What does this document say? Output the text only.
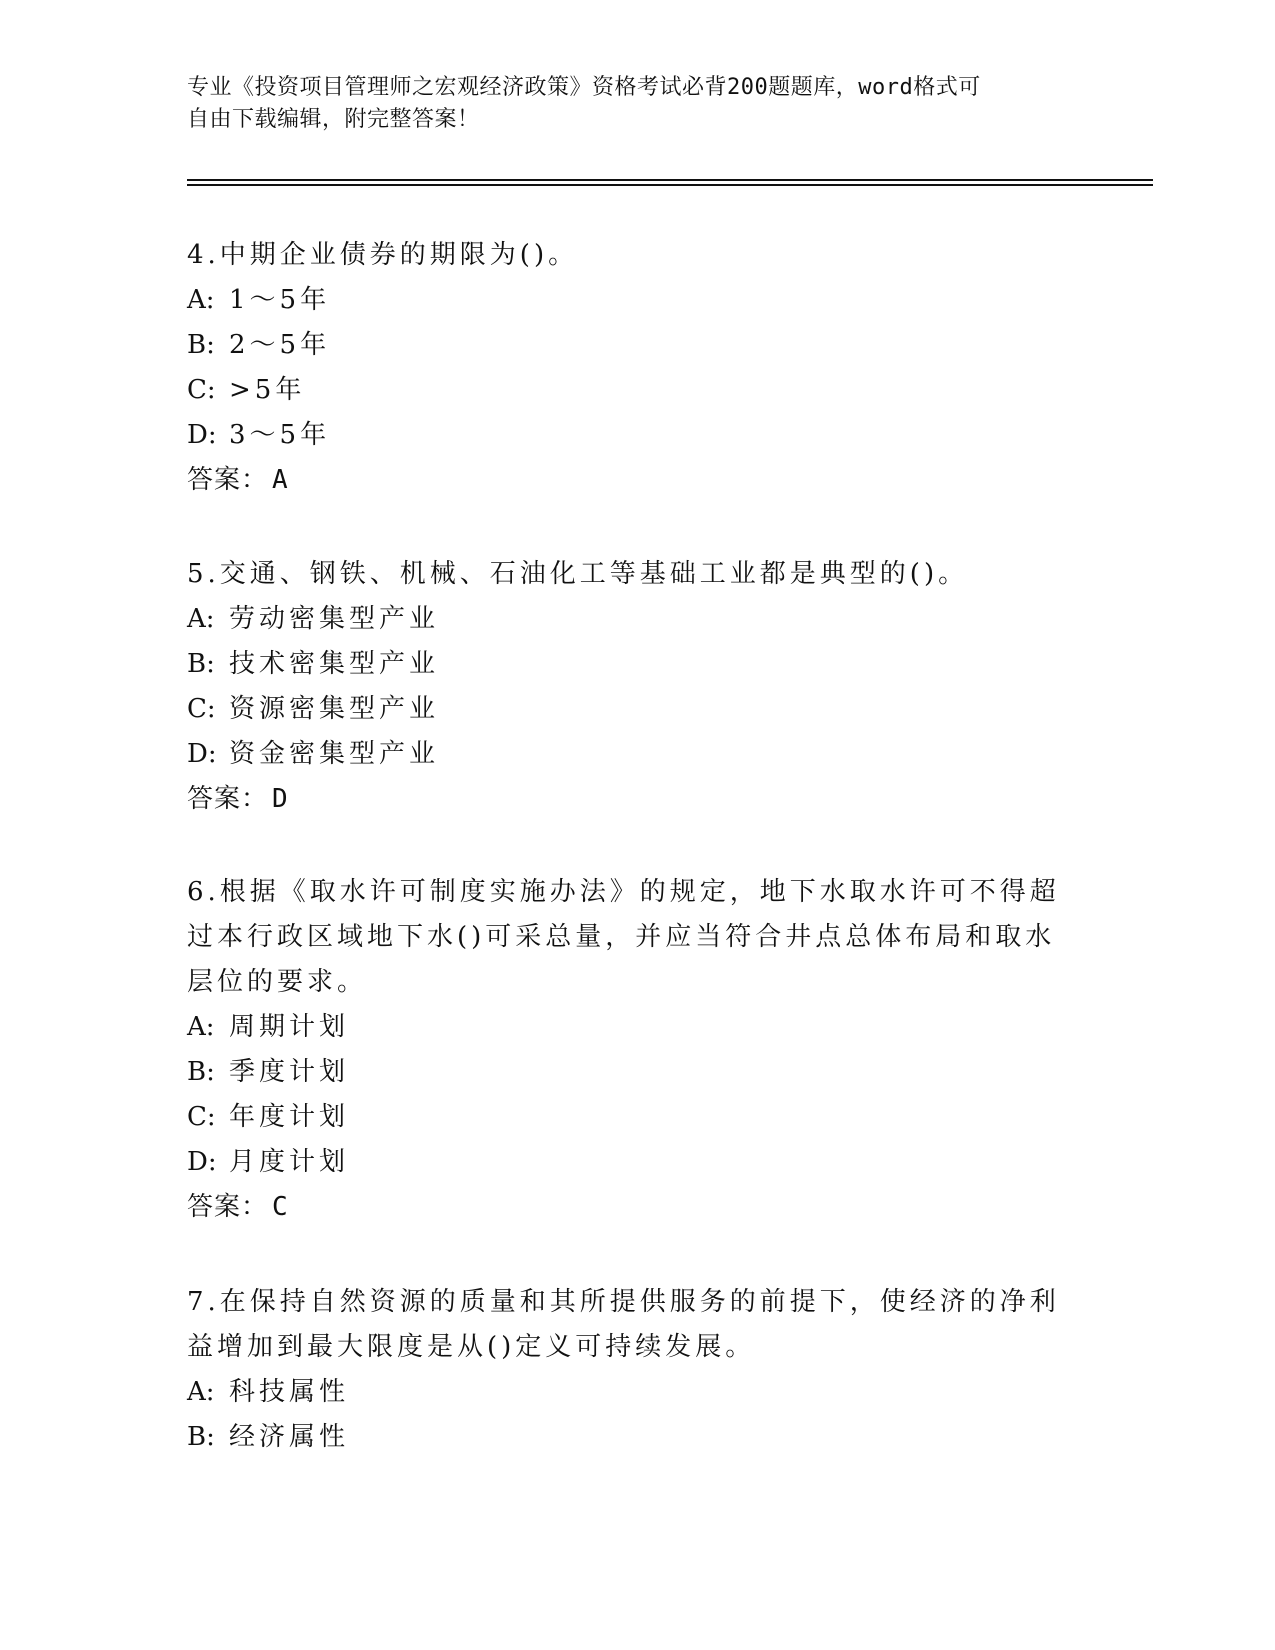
专业《投资项目管理师之宏观经济政策》资格考试必背200题题库，word格式可
自由下载编辑，附完整答案！

4.中期企业债券的期限为()。

A: 1～5年

B: 2～5年

C: >5年

D: 3～5年

答案： A

5.交通、钢铁、机械、石油化工等基础工业都是典型的()。

A: 劳动密集型产业

B: 技术密集型产业

C: 资源密集型产业

D: 资金密集型产业

答案： D

6.根据《取水许可制度实施办法》的规定，地下水取水许可不得超过本行政区域地下水()可采总量，并应当符合井点总体布局和取水层位的要求。

A: 周期计划

B: 季度计划

C: 年度计划

D: 月度计划

答案： C

7.在保持自然资源的质量和其所提供服务的前提下，使经济的净利益增加到最大限度是从()定义可持续发展。

A: 科技属性

B: 经济属性
